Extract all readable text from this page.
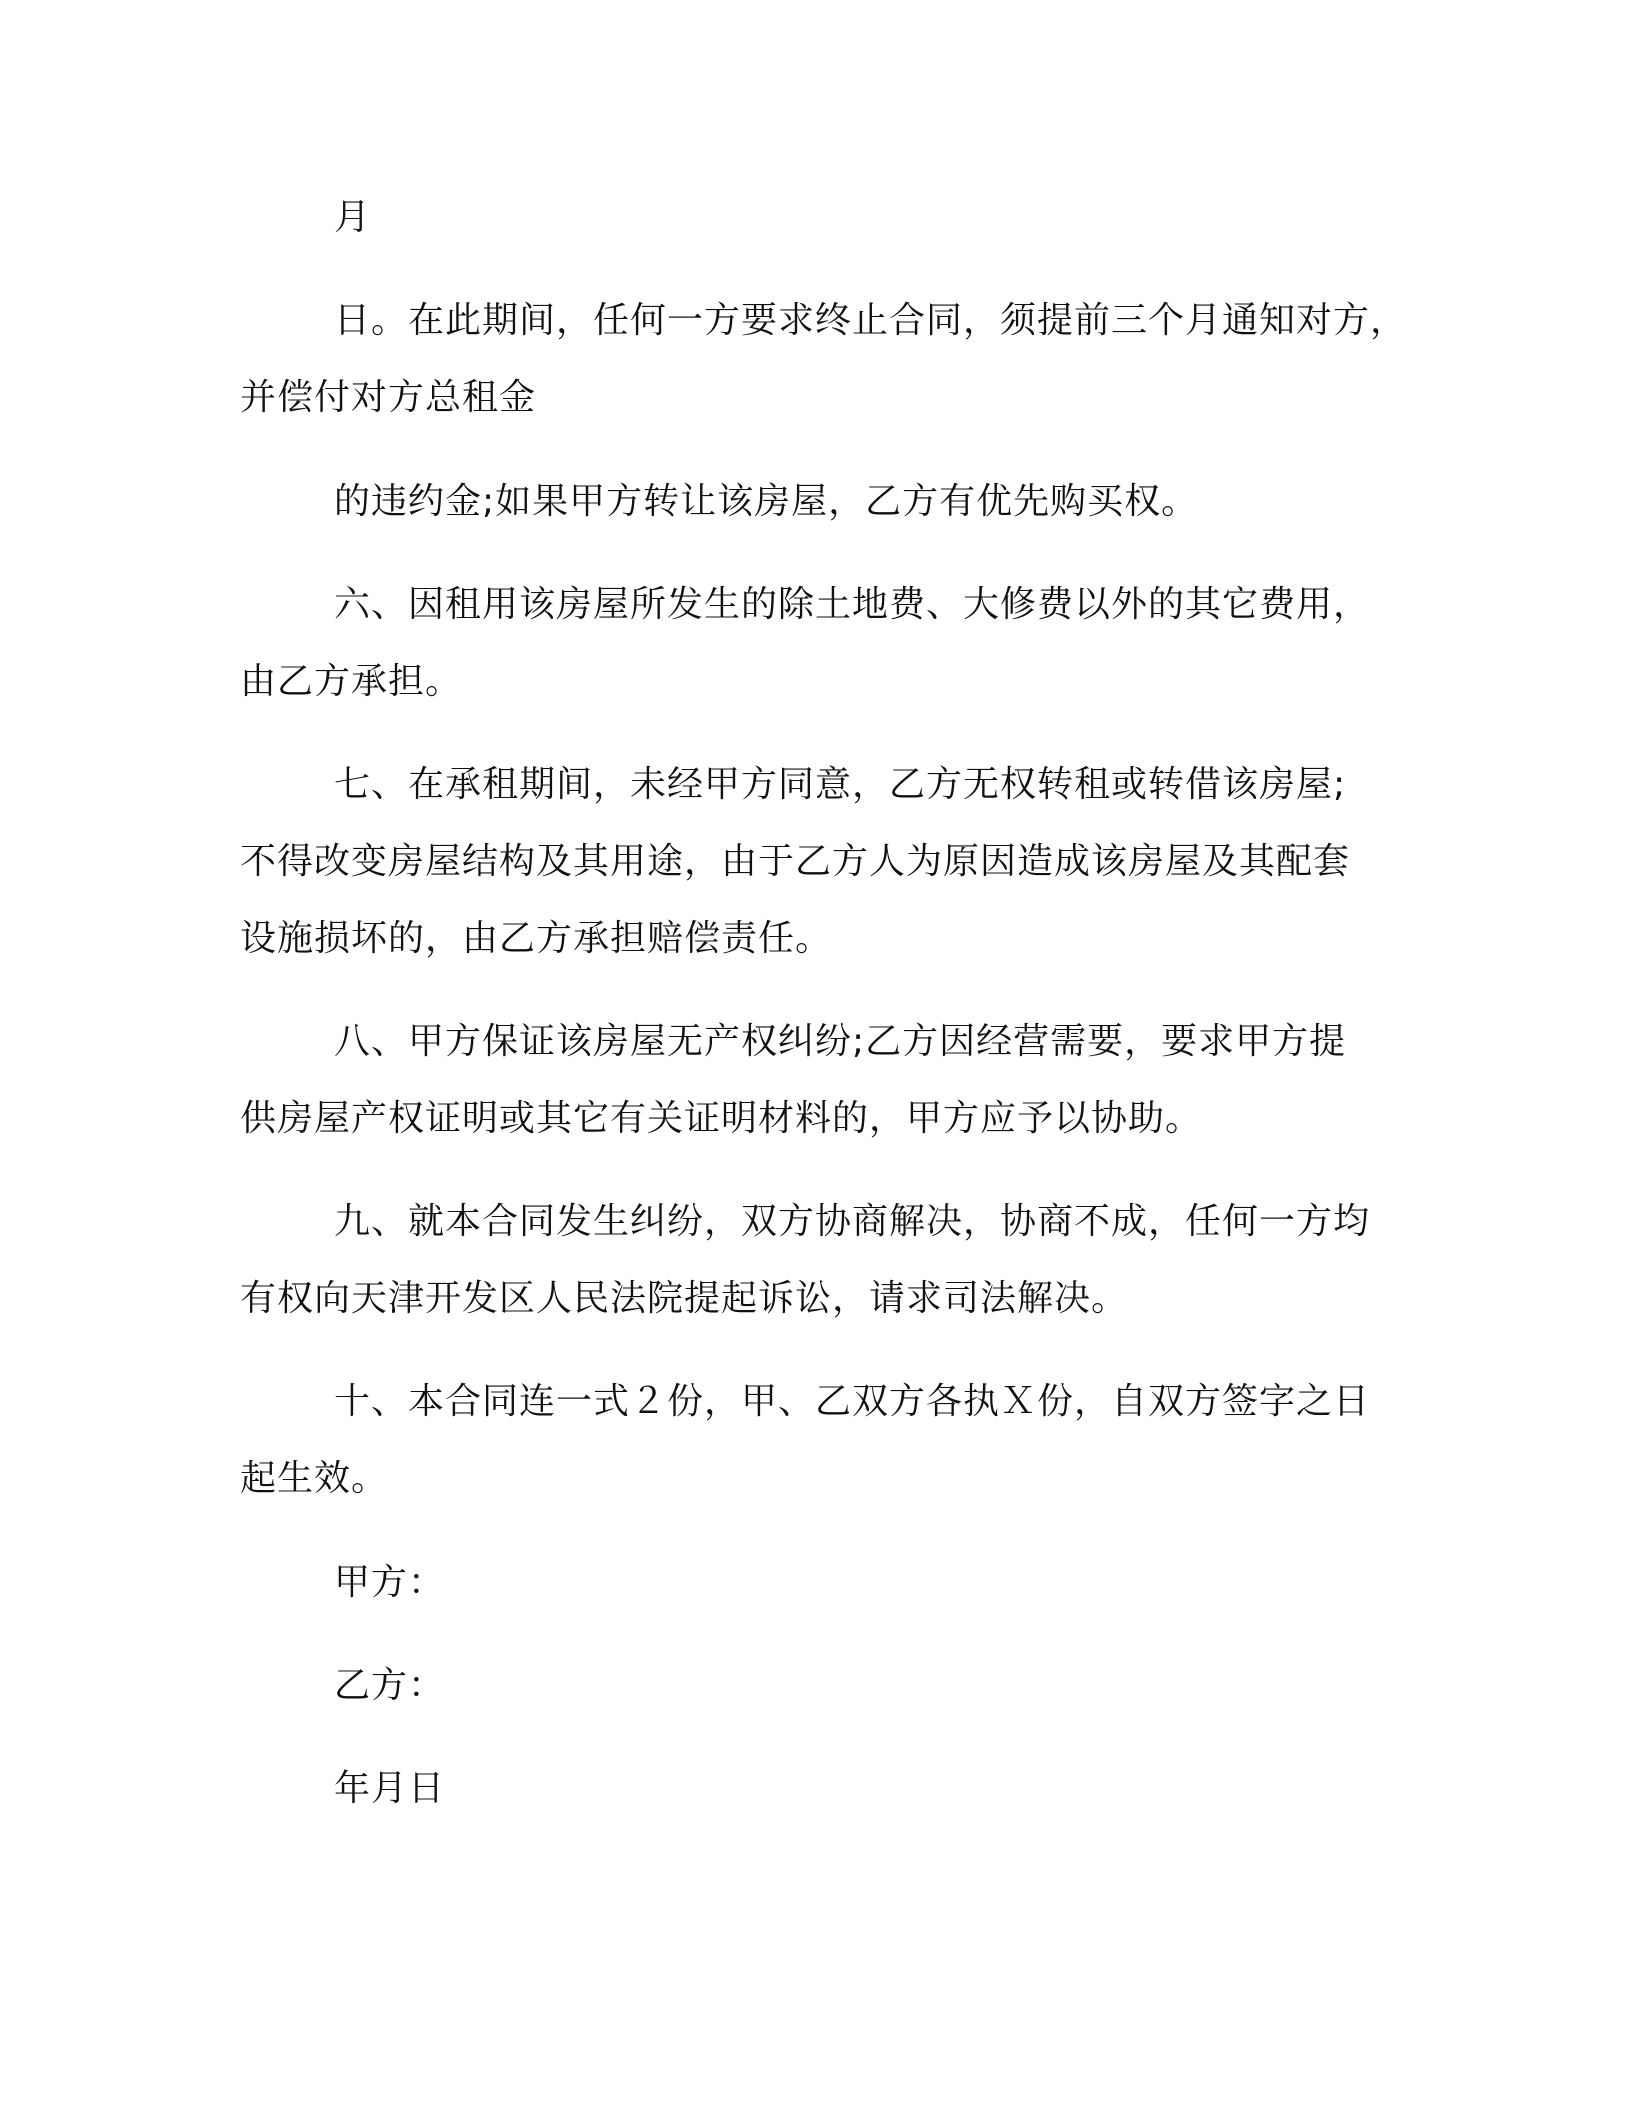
月
日。在此期间，任何一方要求终止合同，须提前三个月通知对方，
并偿付对方总租金
的违约金;如果甲方转让该房屋，乙方有优先购买权。
六、因租用该房屋所发生的除土地费、大修费以外的其它费用，
由乙方承担。
七、在承租期间，未经甲方同意，乙方无权转租或转借该房屋;
不得改变房屋结构及其用途，由于乙方人为原因造成该房屋及其配套
设施损坏的，由乙方承担赔偿责任。
八、甲方保证该房屋无产权纠纷;乙方因经营需要，要求甲方提
供房屋产权证明或其它有关证明材料的，甲方应予以协助。
九、就本合同发生纠纷，双方协商解决，协商不成，任何一方均
有权向天津开发区人民法院提起诉讼，请求司法解决。
十、本合同连一式２份，甲、乙双方各执Ｘ份，自双方签字之日
起生效。
甲方：
乙方：
年月日
